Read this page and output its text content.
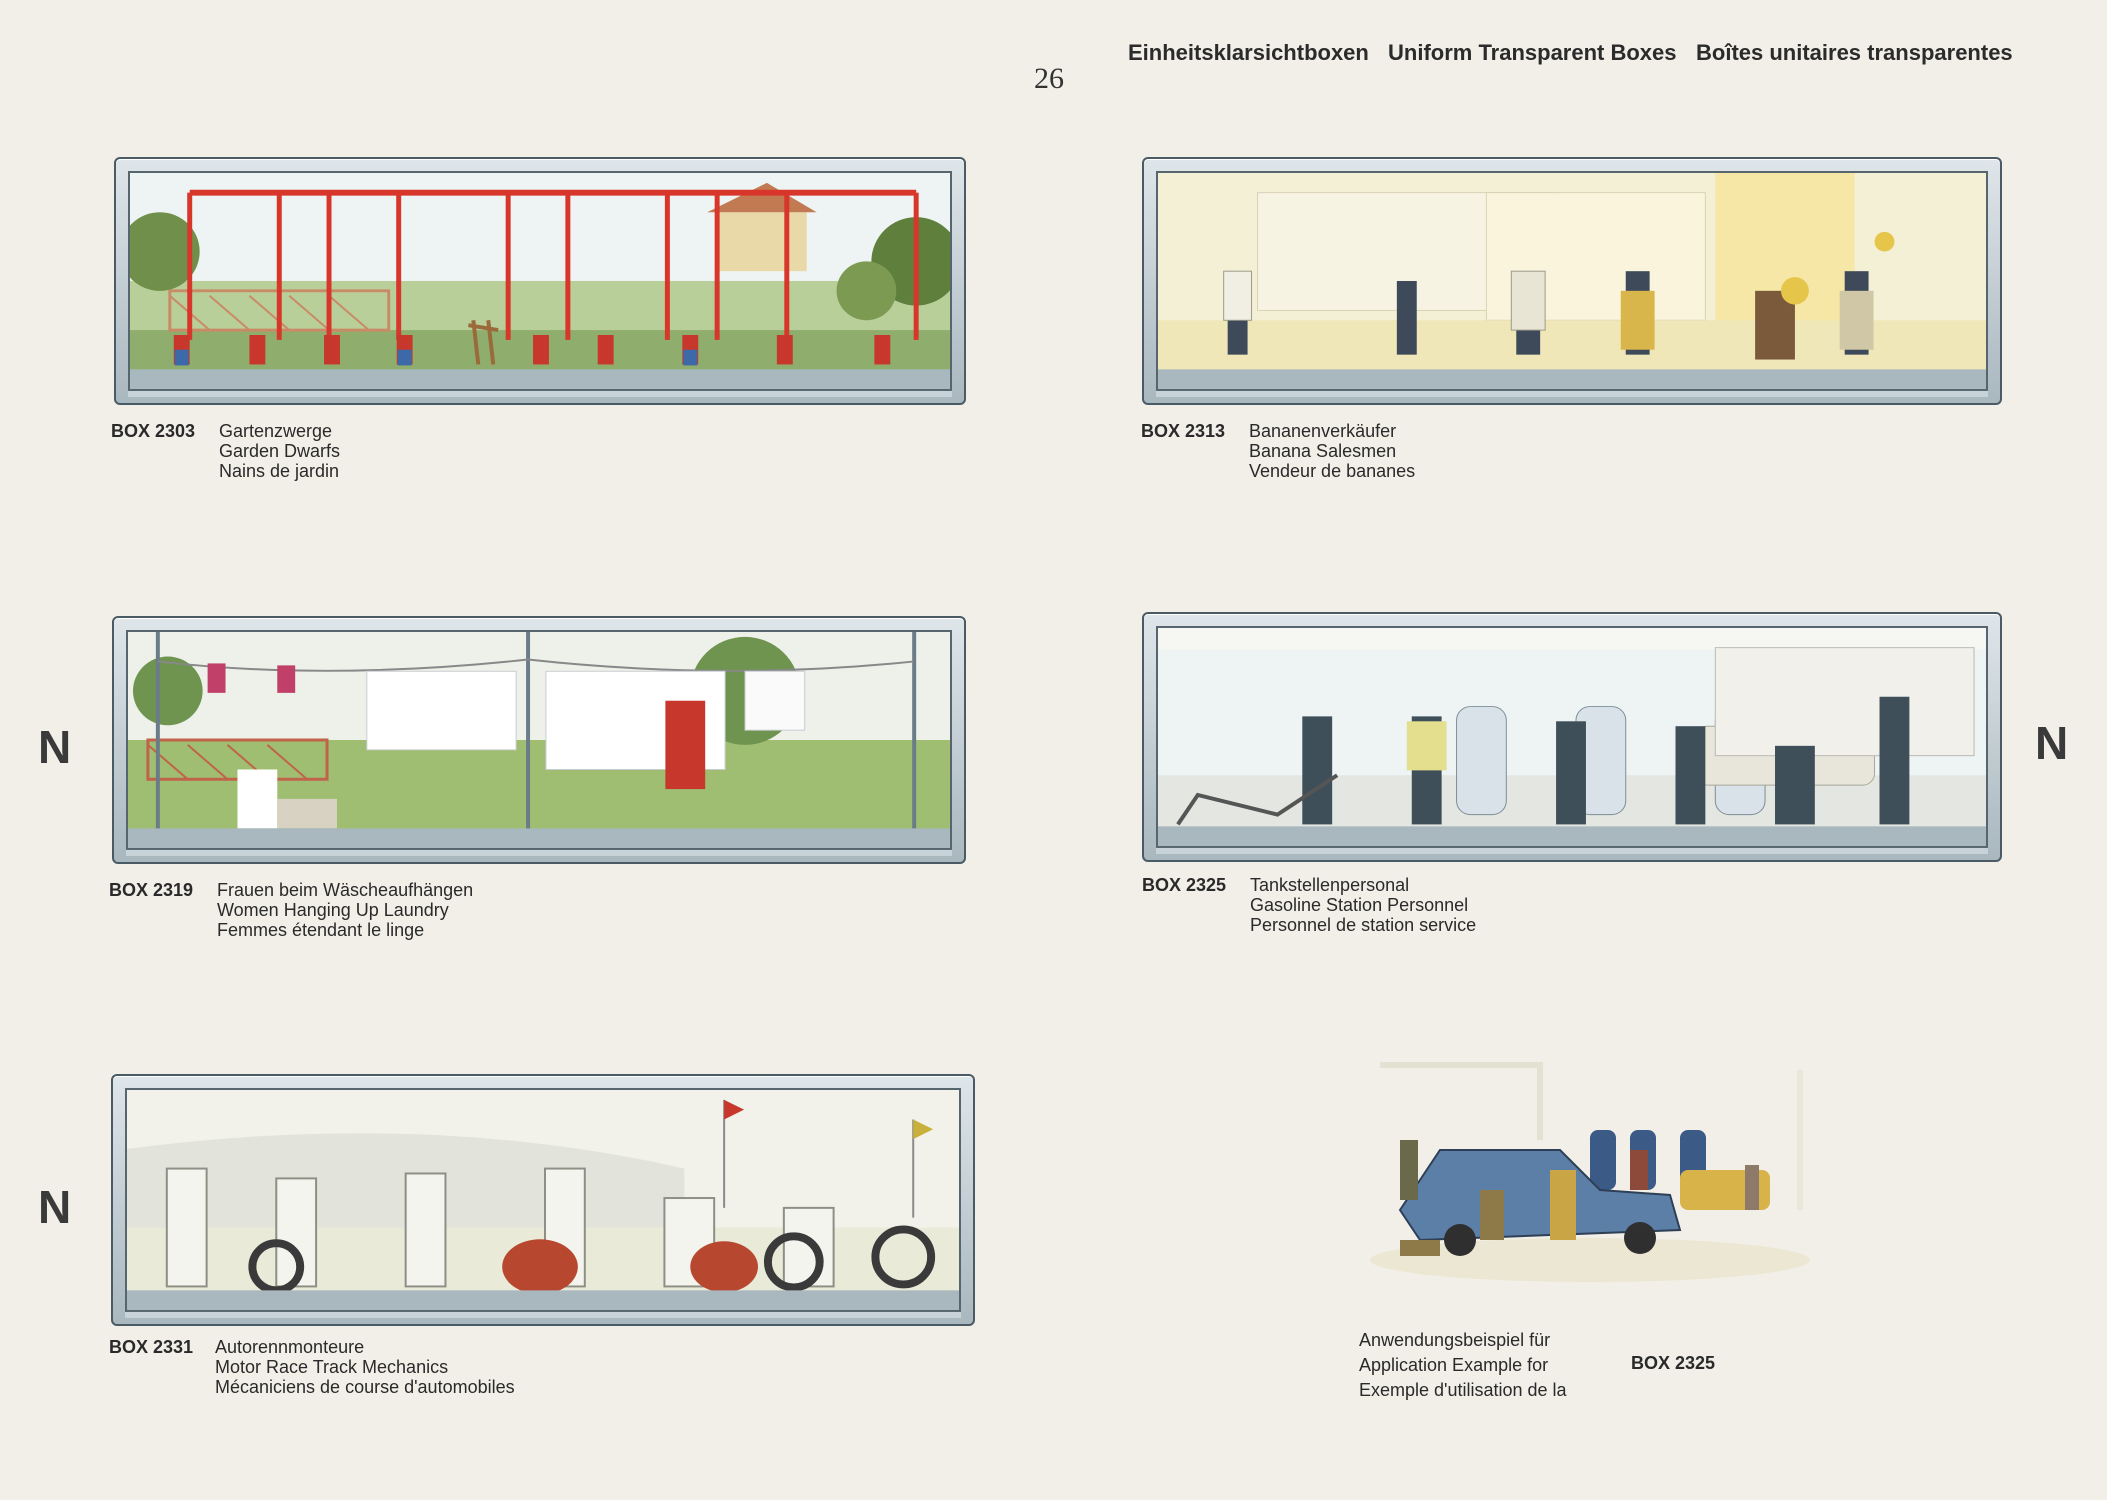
Einheitsklarsichtboxen Uniform Transparent Boxes Boîtes unitaires transparentes
26
N	N
N
BOX 2303 Gartenzwerge
Garden Dwarfs
Nains de jardin
BOX 2313 Bananenverkäufer
Banana Salesmen
Vendeur de bananes
BOX 2319 Frauen beim Wäscheaufhängen
Women Hanging Up Laundry
Femmes étendant le linge
BOX 2325 Tankstellenpersonal
Gasoline Station Personnel
Personnel de station service
BOX 2331 Autorennmonteure
Motor Race Track Mechanics
Mécaniciens de course d'automobiles
Anwendungsbeispiel für
Application Example for
Exemple d'utilisation de la
BOX 2325
